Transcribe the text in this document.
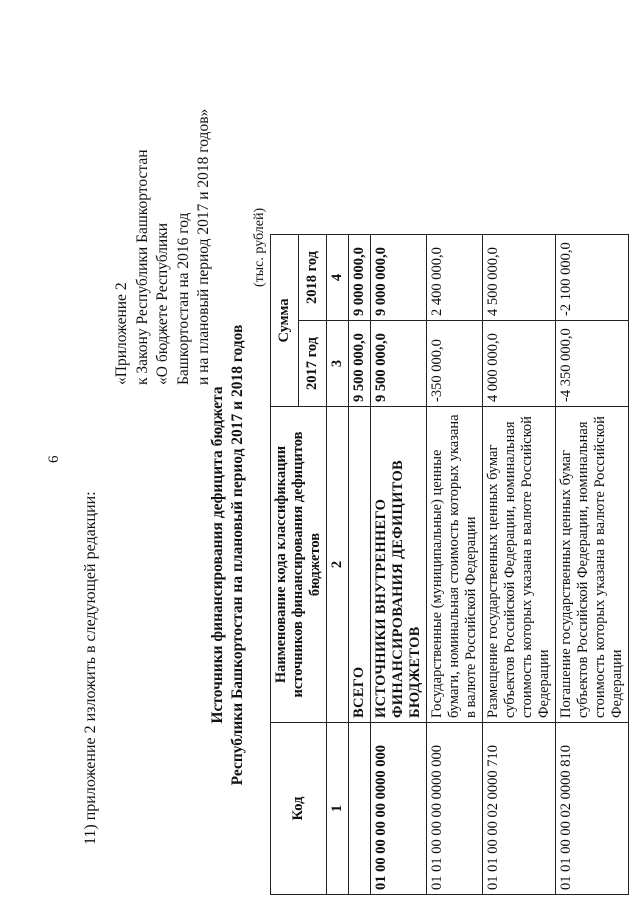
6
11) приложение 2 изложить в следующей редакции:
«Приложение 2 к Закону Республики Башкортостан «О бюджете Республики Башкортостан на 2016 год и на плановый период 2017 и 2018 годов»
Источники финансирования дефицита бюджета Республики Башкортостан на плановый период 2017 и 2018 годов
(тыс. рублей)
Код	Наименование кода классификации источников финансирования дефицитов бюджетов	Сумма	
		2017 год	2018 год
1	2	3	4
	ВСЕГО	9 500 000,0	9 000 000,0
01 00 00 00 00 0000 000	ИСТОЧНИКИ ВНУТРЕННЕГО ФИНАНСИРОВАНИЯ ДЕФИЦИТОВ БЮДЖЕТОВ	9 500 000,0	9 000 000,0
01 01 00 00 00 0000 000	Государственные (муниципальные) ценные бумаги, номинальная стоимость которых указана в валюте Российской Федерации	-350 000,0	2 400 000,0
01 01 00 00 02 0000 710	Размещение государственных ценных бумаг субъектов Российской Федерации, номинальная стоимость которых указана в валюте Российской Федерации	4 000 000,0	4 500 000,0
01 01 00 00 02 0000 810	Погашение государственных ценных бумаг субъектов Российской Федерации, номинальная стоимость которых указана в валюте Российской Федерации	-4 350 000,0	-2 100 000,0
